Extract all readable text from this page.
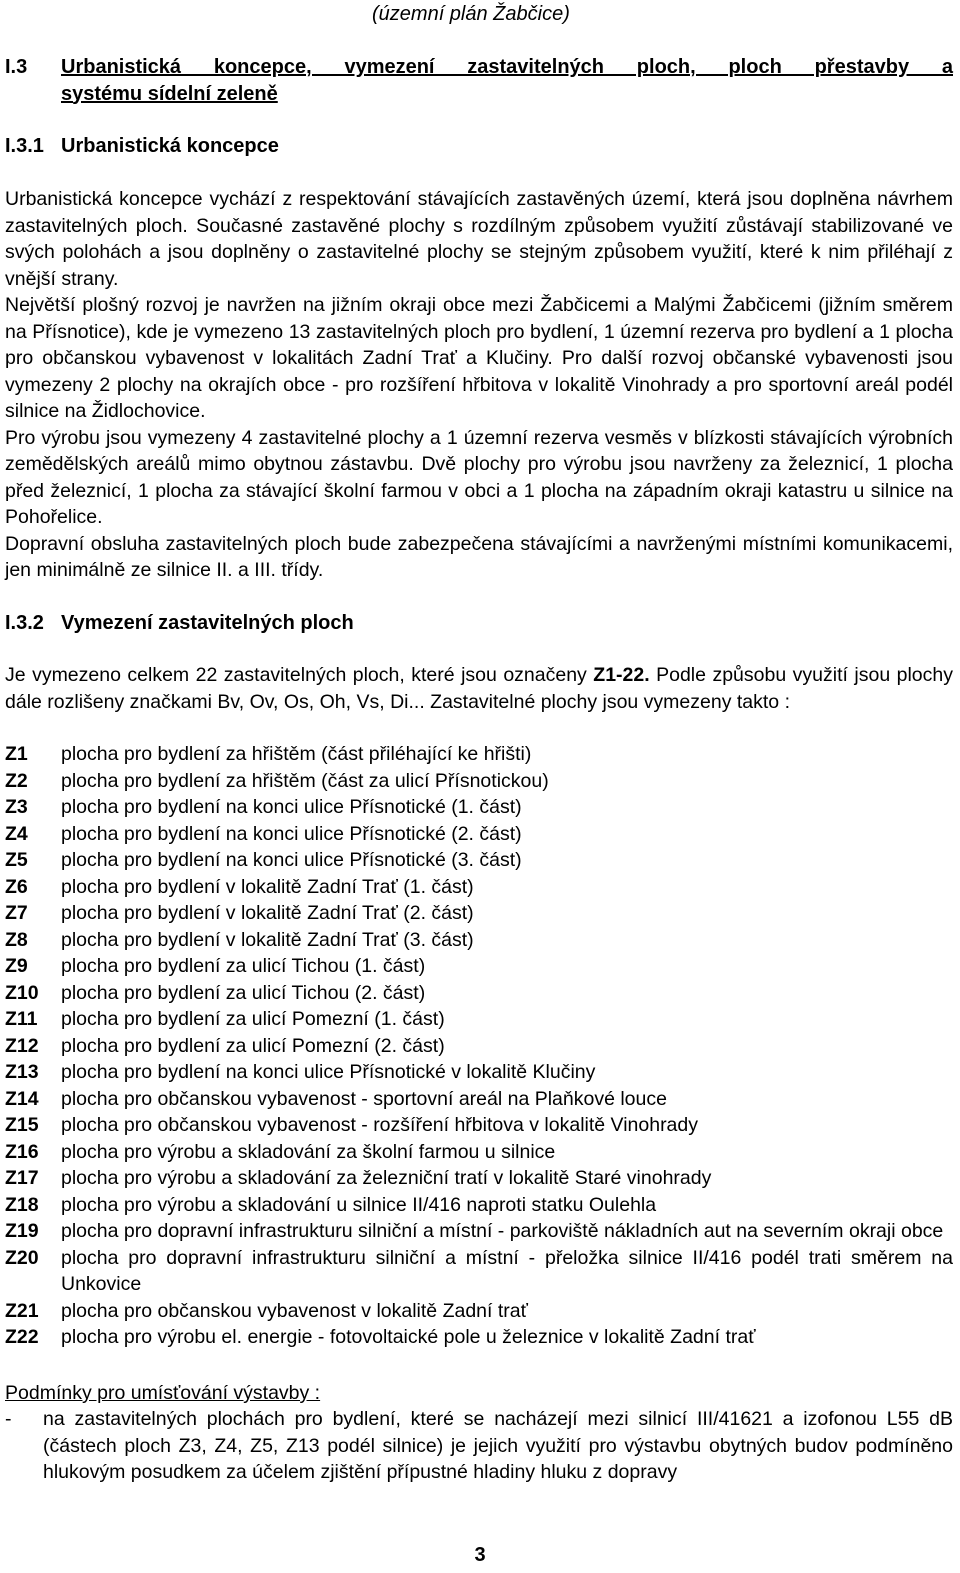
(územní plán Žabčice)
I.3 Urbanistická koncepce, vymezení zastavitelných ploch, ploch přestavby a
systému sídelní zeleně
I.3.1 Urbanistická koncepce

Urbanistická koncepce vychází z respektování stávajících zastavěných území, která jsou doplněna návrhem zastavitelných ploch. Současné zastavěné plochy s rozdílným způsobem využití zůstávají stabilizované ve svých polohách a jsou doplněny o zastavitelné plochy se stejným způsobem využití, které k nim přiléhají z vnější strany.

Největší plošný rozvoj je navržen na jižním okraji obce mezi Žabčicemi a Malými Žabčicemi (jižním směrem na Přísnotice), kde je vymezeno 13 zastavitelných ploch pro bydlení, 1 územní rezerva pro bydlení a 1 plocha pro občanskou vybavenost v lokalitách Zadní Trať a Klučiny. Pro další rozvoj občanské vybavenosti jsou vymezeny 2 plochy na okrajích obce - pro rozšíření hřbitova v lokalitě Vinohrady a pro sportovní areál podél silnice na Židlochovice.

Pro výrobu jsou vymezeny 4 zastavitelné plochy a 1 územní rezerva vesměs v blízkosti stávajících výrobních zemědělských areálů mimo obytnou zástavbu. Dvě plochy pro výrobu jsou navrženy za železnicí, 1 plocha před železnicí, 1 plocha za stávající školní farmou v obci a 1 plocha na západním okraji katastru u silnice na Pohořelice.

Dopravní obsluha zastavitelných ploch bude zabezpečena stávajícími a navrženými místními komunikacemi, jen minimálně ze silnice II. a III. třídy.

I.3.2 Vymezení zastavitelných ploch

Je vymezeno celkem 22 zastavitelných ploch, které jsou označeny Z1-22. Podle způsobu využití jsou plochy dále rozlišeny značkami Bv, Ov, Os, Oh, Vs, Di... Zastavitelné plochy jsou vymezeny takto :

Z1	plocha pro bydlení za hřištěm (část přiléhající ke hřišti)
Z2	plocha pro bydlení za hřištěm (část za ulicí Přísnotickou)
Z3	plocha pro bydlení na konci ulice Přísnotické (1. část)
Z4	plocha pro bydlení na konci ulice Přísnotické (2. část)
Z5	plocha pro bydlení na konci ulice Přísnotické (3. část)
Z6	plocha pro bydlení v lokalitě Zadní Trať (1. část)
Z7	plocha pro bydlení v lokalitě Zadní Trať (2. část)
Z8	plocha pro bydlení v lokalitě Zadní Trať (3. část)
Z9	plocha pro bydlení za ulicí Tichou (1. část)
Z10	plocha pro bydlení za ulicí Tichou (2. část)
Z11	plocha pro bydlení za ulicí Pomezní (1. část)
Z12	plocha pro bydlení za ulicí Pomezní (2. část)
Z13	plocha pro bydlení na konci ulice Přísnotické v lokalitě Klučiny
Z14	plocha pro občanskou vybavenost - sportovní areál na Plaňkové louce
Z15	plocha pro občanskou vybavenost - rozšíření hřbitova v lokalitě Vinohrady
Z16	plocha pro výrobu a skladování za školní farmou u silnice
Z17	plocha pro výrobu a skladování za železniční tratí v lokalitě Staré vinohrady
Z18	plocha pro výrobu a skladování u silnice II/416 naproti statku Oulehla
Z19	plocha pro dopravní infrastrukturu silniční a místní - parkoviště nákladních aut na severním okraji obce
Z20	plocha pro dopravní infrastrukturu silniční a místní - přeložka silnice II/416 podél trati směrem na Unkovice
Z21	plocha pro občanskou vybavenost v lokalitě Zadní trať
Z22	plocha pro výrobu el. energie - fotovoltaické pole u železnice v lokalitě Zadní trať
Podmínky pro umísťování výstavby :
-	na zastavitelných plochách pro bydlení, které se nacházejí mezi silnicí III/41621 a izofonou L55 dB (částech ploch Z3, Z4, Z5, Z13 podél silnice) je jejich využití pro výstavbu obytných budov podmíněno hlukovým posudkem za účelem zjištění přípustné hladiny hluku z dopravy
3
